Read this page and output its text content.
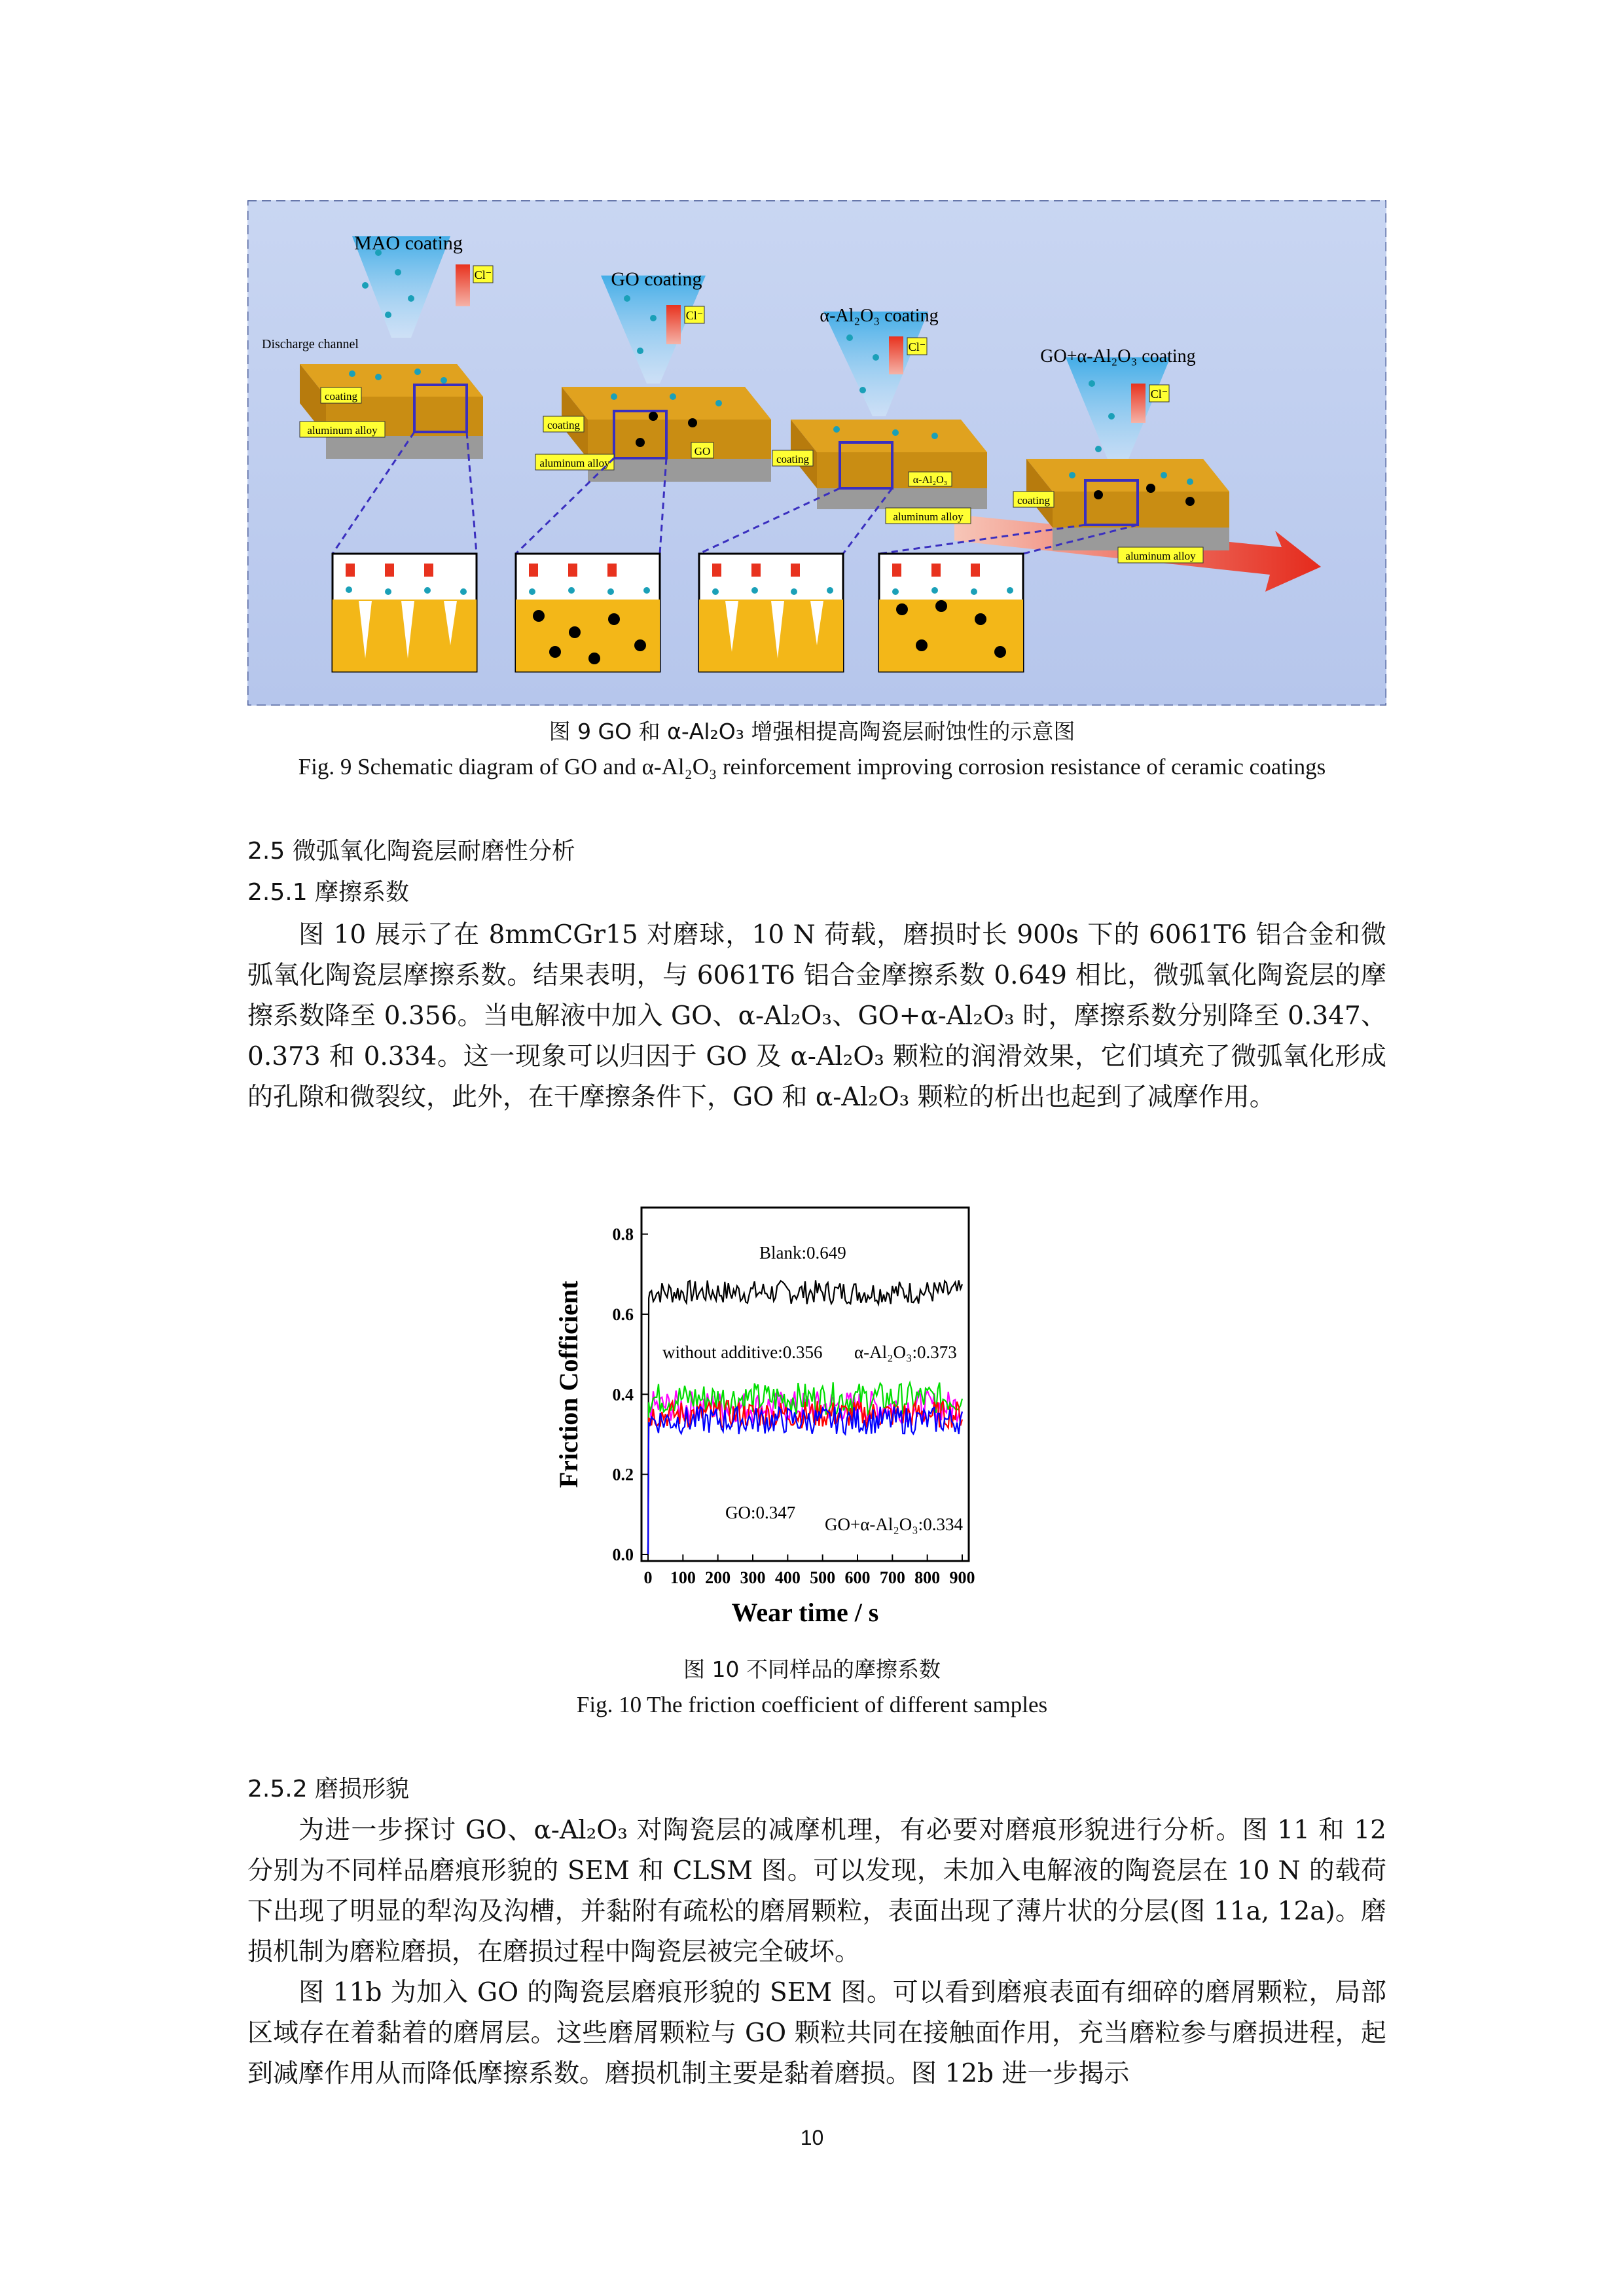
MAO coating
GO coating
α-Al₂O₃ coating
GO+α-Al₂O₃ coating
Discharge channel
Cl⁻
Cl⁻
Cl⁻
Cl⁻
coating
coating
coating
coating
aluminum alloy
aluminum alloy
aluminum alloy
aluminum alloy
GO
α-Al₂O₃
图 9 GO 和 α-Al₂O₃ 增强相提高陶瓷层耐蚀性的示意图
Fig. 9 Schematic diagram of GO and α-Al₂O₃ reinforcement improving corrosion resistance of ceramic coatings
2.5 微弧氧化陶瓷层耐磨性分析
2.5.1 摩擦系数

图 10 展示了在 8mmCGr15 对磨球，10 N 荷载，磨损时长 900s 下的 6061T6 铝合金和微弧氧化陶瓷层摩擦系数。结果表明，与 6061T6 铝合金摩擦系数 0.649 相比，微弧氧化陶瓷层的摩擦系数降至 0.356。当电解液中加入 GO、α-Al₂O₃、GO+α-Al₂O₃ 时，摩擦系数分别降至 0.347、0.373 和 0.334。这一现象可以归因于 GO 及 α-Al₂O₃ 颗粒的润滑效果，它们填充了微弧氧化形成的孔隙和微裂纹，此外，在干摩擦条件下，GO 和 α-Al₂O₃ 颗粒的析出也起到了减摩作用。

0 100 200 300 400 500 600 700 800 900
0.0
0.2
0.4
0.6
0.8
Friction Cofficient
Wear time / s
Blank:0.649
without additive:0.356 α-Al₂O₃:0.373
GO:0.347
GO+α-Al₂O₃:0.334
图 10 不同样品的摩擦系数
Fig. 10 The friction coefficient of different samples
2.5.2 磨损形貌

为进一步探讨 GO、α-Al₂O₃ 对陶瓷层的减摩机理，有必要对磨痕形貌进行分析。图 11 和 12 分别为不同样品磨痕形貌的 SEM 和 CLSM 图。可以发现，未加入电解液的陶瓷层在 10 N 的载荷下出现了明显的犁沟及沟槽，并黏附有疏松的磨屑颗粒，表面出现了薄片状的分层(图 11a, 12a)。磨损机制为磨粒磨损，在磨损过程中陶瓷层被完全破坏。

图 11b 为加入 GO 的陶瓷层磨痕形貌的 SEM 图。可以看到磨痕表面有细碎的磨屑颗粒，局部区域存在着黏着的磨屑层。这些磨屑颗粒与 GO 颗粒共同在接触面作用，充当磨粒参与磨损进程，起到减摩作用从而降低摩擦系数。磨损机制主要是黏着磨损。图 12b 进一步揭示

10
